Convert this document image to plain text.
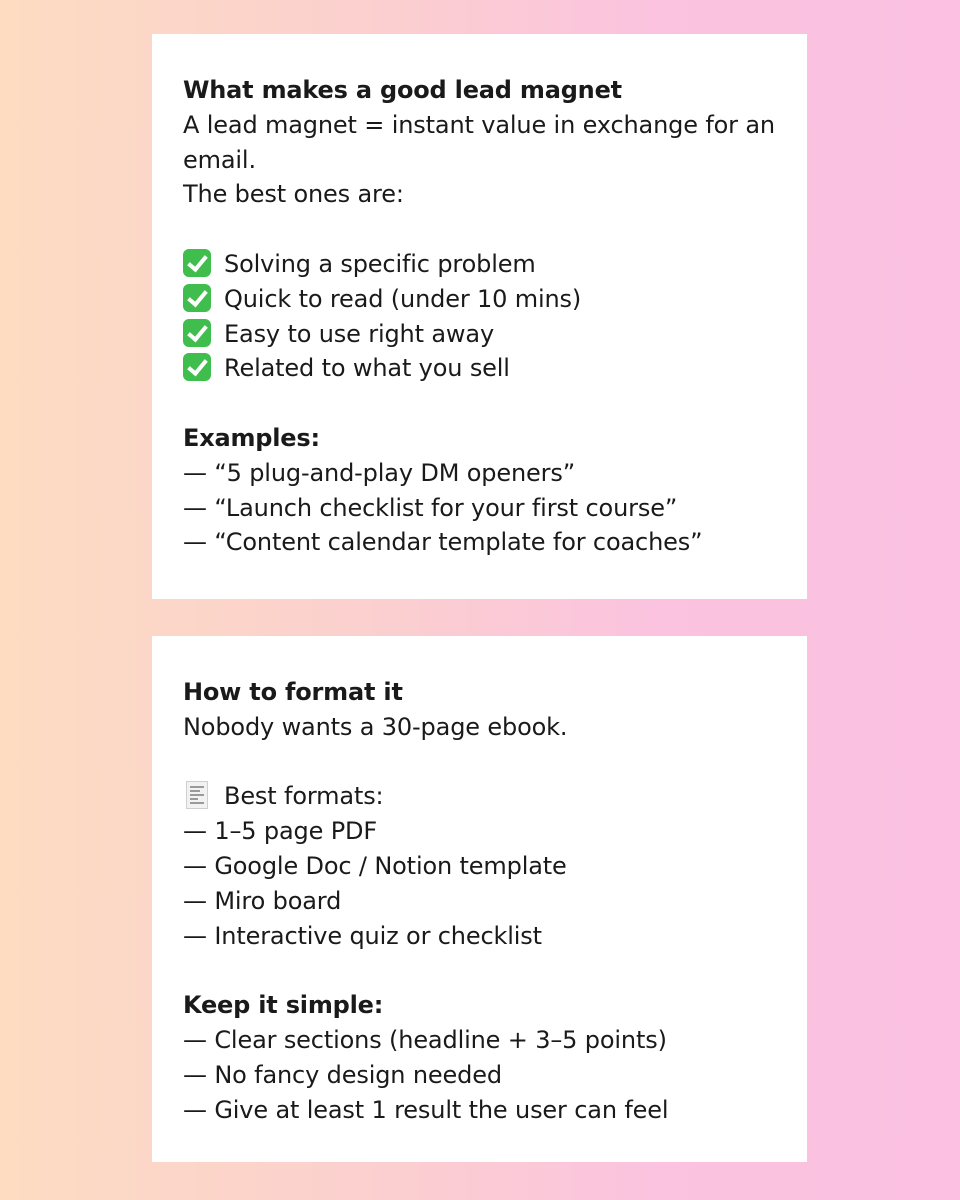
What makes a good lead magnet
A lead magnet = instant value in exchange for an
email.
The best ones are:
Solving a specific problem
Quick to read (under 10 mins)
Easy to use right away
Related to what you sell
Examples:
— “5 plug-and-play DM openers”
— “Launch checklist for your first course”
— “Content calendar template for coaches”
How to format it
Nobody wants a 30-page ebook.
Best formats:
— 1–5 page PDF
— Google Doc / Notion template
— Miro board
— Interactive quiz or checklist
Keep it simple:
— Clear sections (headline + 3–5 points)
— No fancy design needed
— Give at least 1 result the user can feel
